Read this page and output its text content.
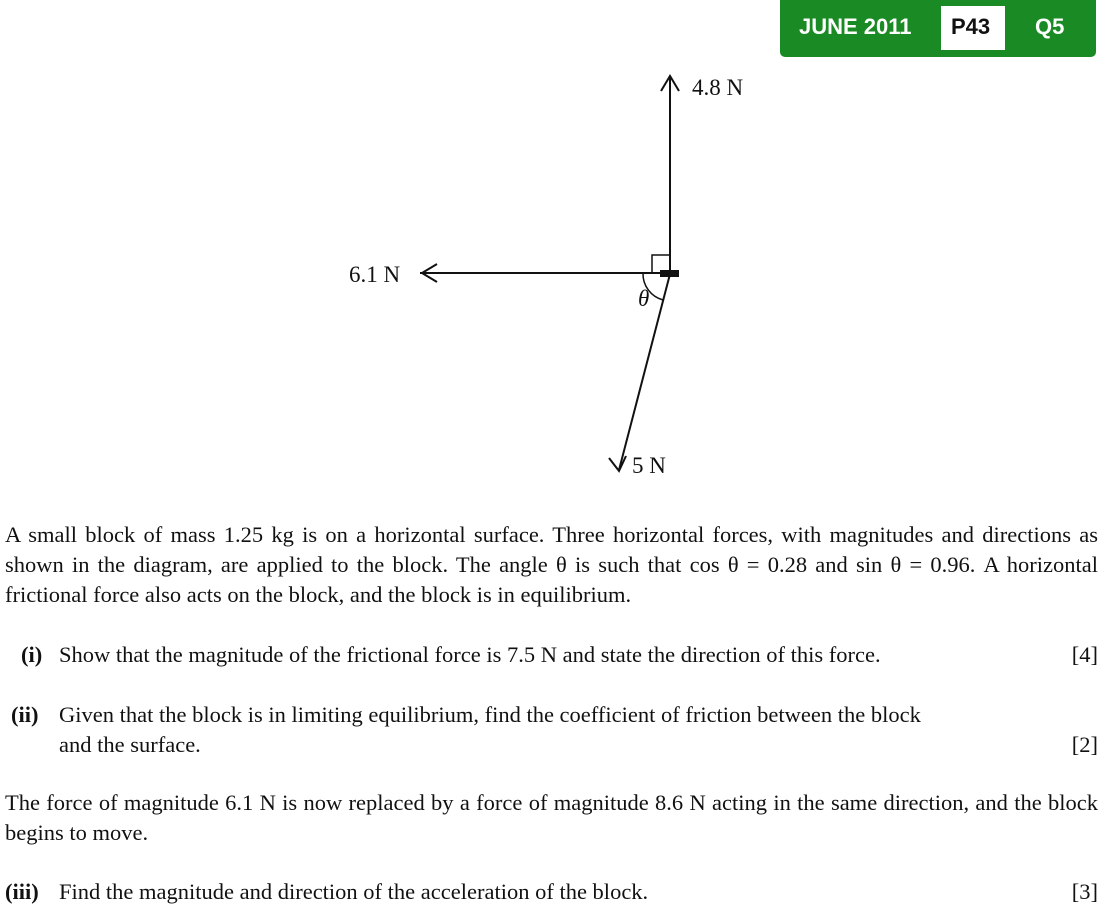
JUNE 2011 P43 Q5
4.8 N
6.1 N
5 N
θ
A small block of mass 1.25 kg is on a horizontal surface. Three horizontal forces, with magnitudes and directions as shown in the diagram, are applied to the block. The angle θ is such that cos θ = 0.28 and sin θ = 0.96. A horizontal frictional force also acts on the block, and the block is in equilibrium.
(i) Show that the magnitude of the frictional force is 7.5 N and state the direction of this force.	[4]
(ii) Given that the block is in limiting equilibrium, find the coefficient of friction between the block
and the surface.	[2]
The force of magnitude 6.1 N is now replaced by a force of magnitude 8.6 N acting in the same direction, and the block begins to move.
(iii) Find the magnitude and direction of the acceleration of the block.	[3]
